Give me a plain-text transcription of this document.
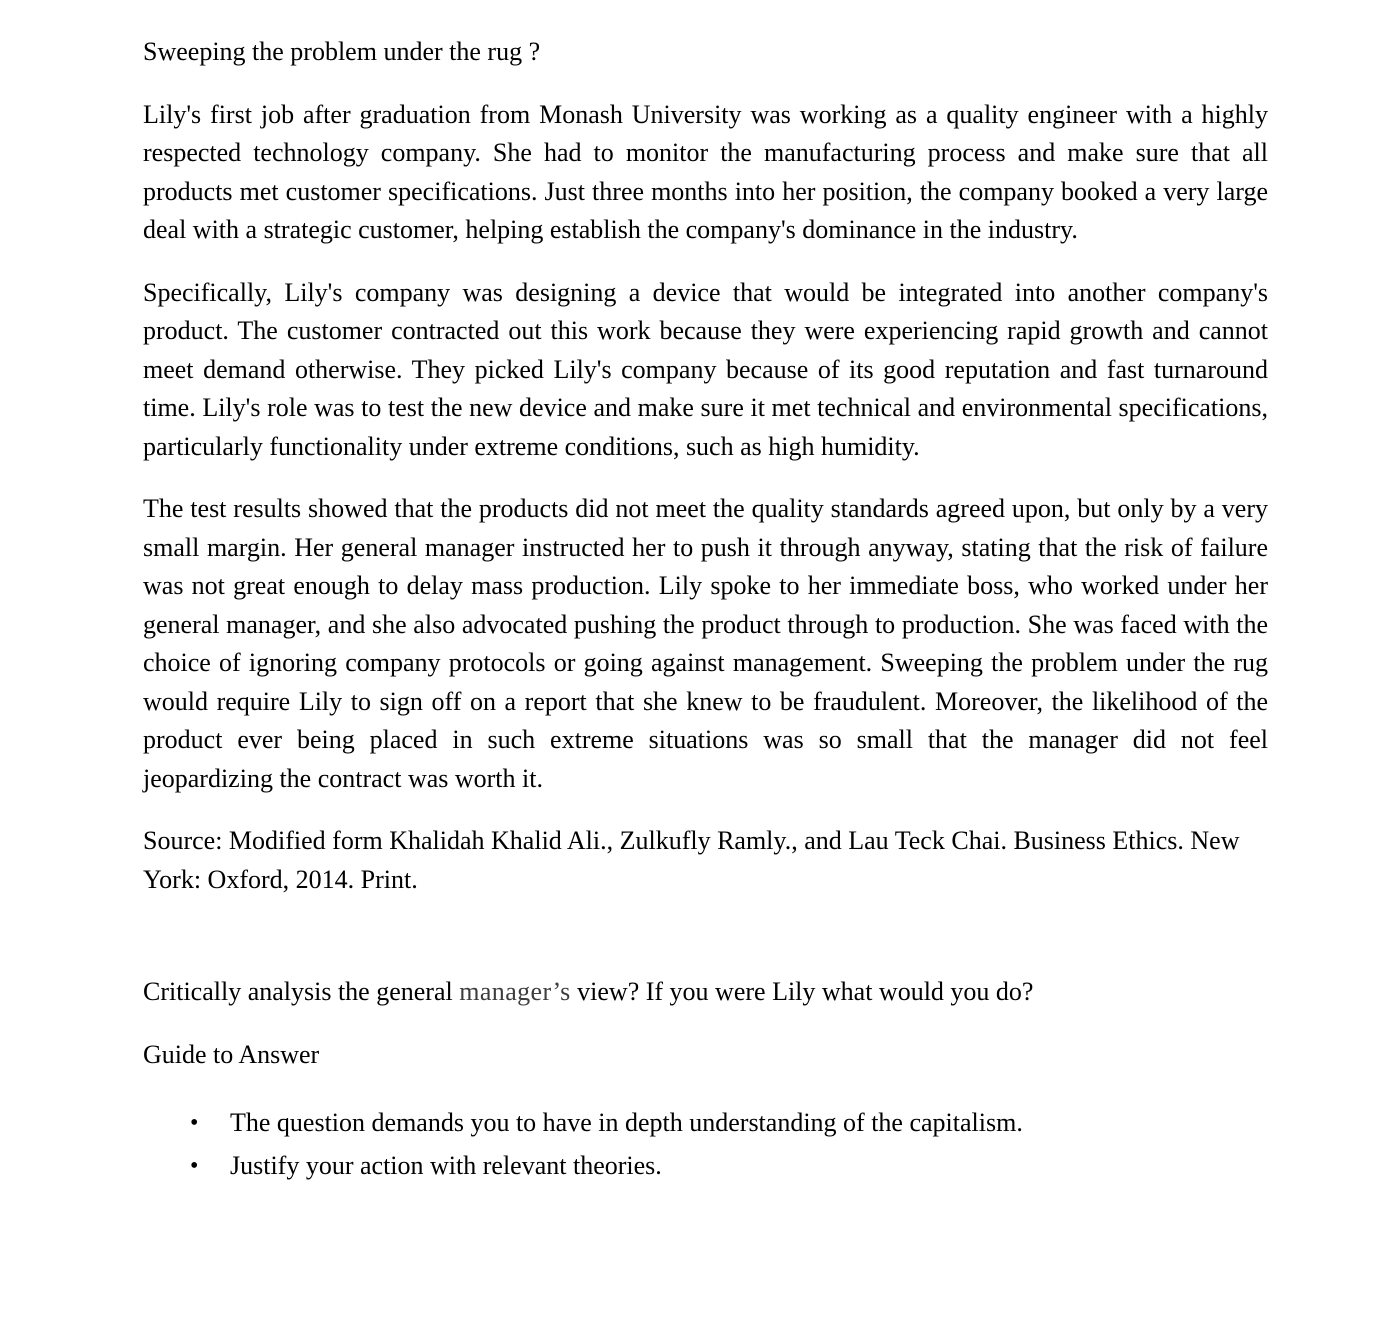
Sweeping the problem under the rug ?

Lily's first job after graduation from Monash University was working as a quality engineer with a highly respected technology company. She had to monitor the manufacturing process and make sure that all products met customer specifications. Just three months into her position, the company booked a very large deal with a strategic customer, helping establish the company's dominance in the industry.

Specifically, Lily's company was designing a device that would be integrated into another company's product. The customer contracted out this work because they were experiencing rapid growth and cannot meet demand otherwise. They picked Lily's company because of its good reputation and fast turnaround time. Lily's role was to test the new device and make sure it met technical and environmental specifications, particularly functionality under extreme conditions, such as high humidity.

The test results showed that the products did not meet the quality standards agreed upon, but only by a very small margin. Her general manager instructed her to push it through anyway, stating that the risk of failure was not great enough to delay mass production. Lily spoke to her immediate boss, who worked under her general manager, and she also advocated pushing the product through to production. She was faced with the choice of ignoring company protocols or going against management. Sweeping the problem under the rug would require Lily to sign off on a report that she knew to be fraudulent. Moreover, the likelihood of the product ever being placed in such extreme situations was so small that the manager did not feel jeopardizing the contract was worth it.

Source: Modified form Khalidah Khalid Ali., Zulkufly Ramly., and Lau Teck Chai. Business Ethics. New York: Oxford, 2014. Print.

Critically analysis the general manager’s view? If you were Lily what would you do?

Guide to Answer

• The question demands you to have in depth understanding of the capitalism.
• Justify your action with relevant theories.
